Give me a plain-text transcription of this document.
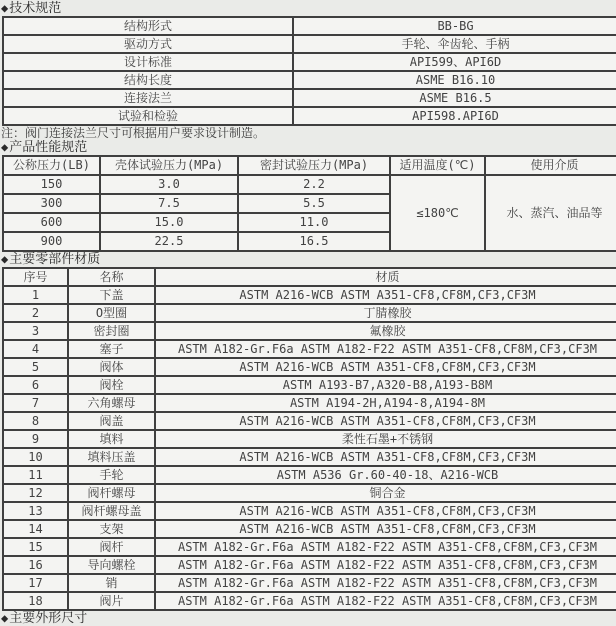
◆技术规范
结构形式	BB-BG
驱动方式	手轮、伞齿轮、手柄
设计标准	API599、API6D
结构长度	ASME B16.10
连接法兰	ASME B16.5
试验和检验	API598.API6D
注：阀门连接法兰尺寸可根据用户要求设计制造。
◆产品性能规范
公称压力(LB)	壳体试验压力(MPa)	密封试验压力(MPa)	适用温度(℃)	使用介质
150	3.0	2.2	≤180℃	水、蒸汽、油品等
300	7.5	5.5		
600	15.0	11.0		
900	22.5	16.5		
◆主要零部件材质
序号	名称	材质
1	下盖	ASTM A216-WCB ASTM A351-CF8,CF8M,CF3,CF3M
2	O型圈	丁腈橡胶
3	密封圈	氟橡胶
4	塞子	ASTM A182-Gr.F6a ASTM A182-F22 ASTM A351-CF8,CF8M,CF3,CF3M
5	阀体	ASTM A216-WCB ASTM A351-CF8,CF8M,CF3,CF3M
6	阀栓	ASTM A193-B7,A320-B8,A193-B8M
7	六角螺母	ASTM A194-2H,A194-8,A194-8M
8	阀盖	ASTM A216-WCB ASTM A351-CF8,CF8M,CF3,CF3M
9	填料	柔性石墨+不锈钢
10	填料压盖	ASTM A216-WCB ASTM A351-CF8,CF8M,CF3,CF3M
11	手轮	ASTM A536 Gr.60-40-18、A216-WCB
12	阀杆螺母	铜合金
13	阀杆螺母盖	ASTM A216-WCB ASTM A351-CF8,CF8M,CF3,CF3M
14	支架	ASTM A216-WCB ASTM A351-CF8,CF8M,CF3,CF3M
15	阀杆	ASTM A182-Gr.F6a ASTM A182-F22 ASTM A351-CF8,CF8M,CF3,CF3M
16	导向螺栓	ASTM A182-Gr.F6a ASTM A182-F22 ASTM A351-CF8,CF8M,CF3,CF3M
17	销	ASTM A182-Gr.F6a ASTM A182-F22 ASTM A351-CF8,CF8M,CF3,CF3M
18	阀片	ASTM A182-Gr.F6a ASTM A182-F22 ASTM A351-CF8,CF8M,CF3,CF3M
◆主要外形尺寸
